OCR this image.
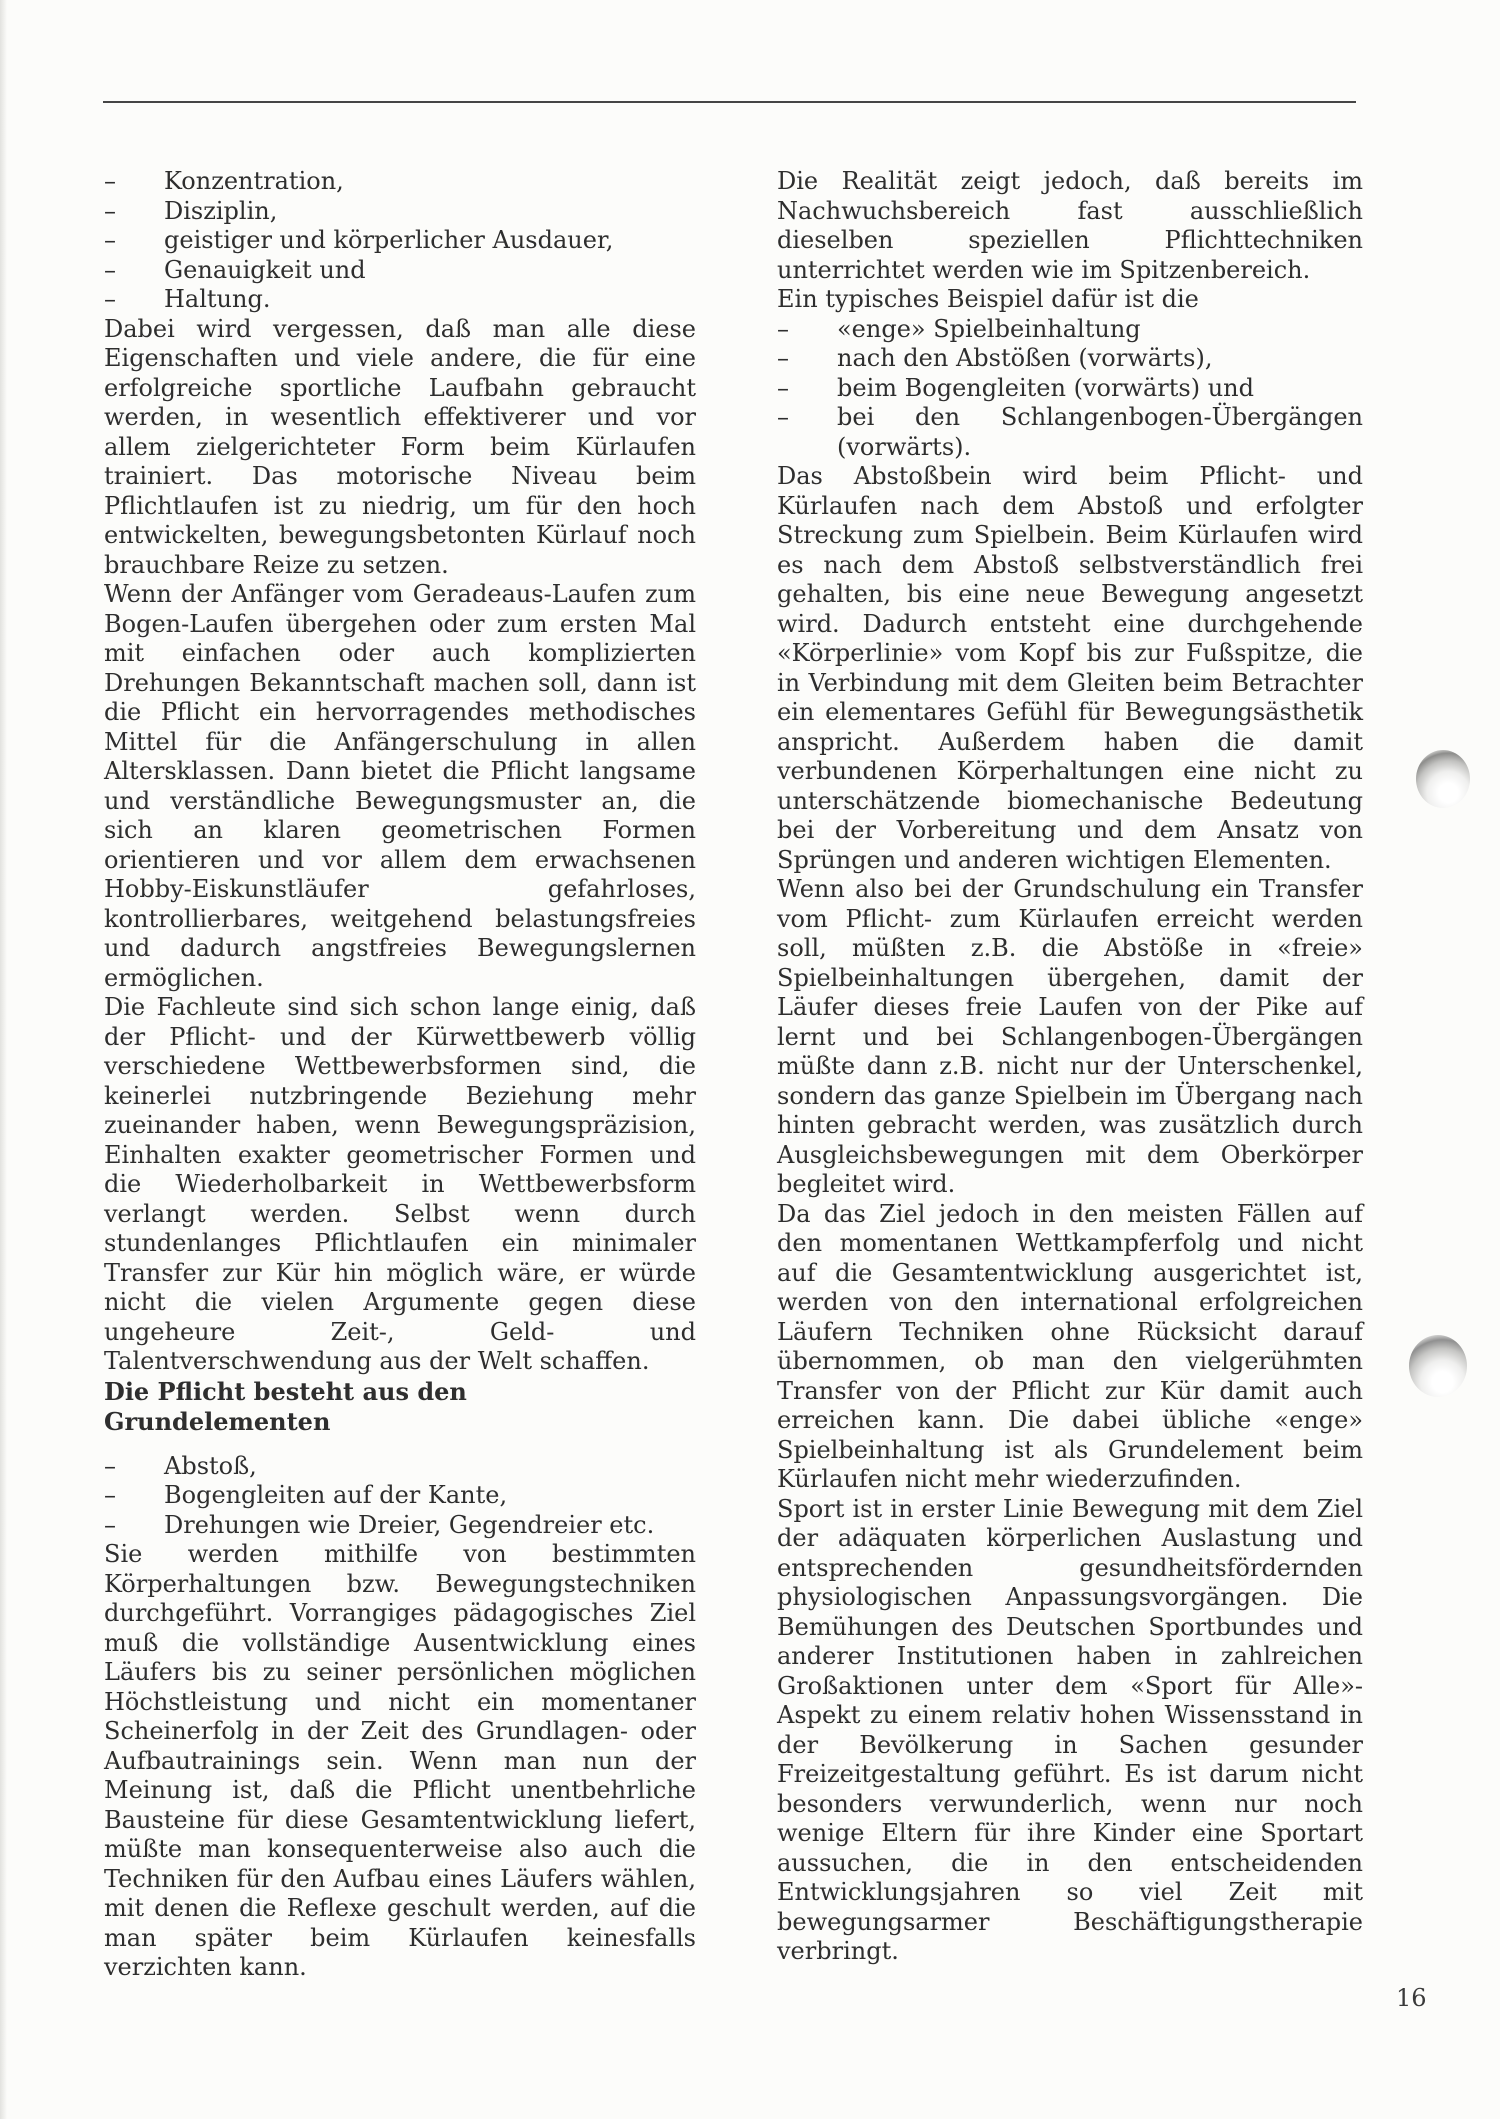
–	Konzentration,
–	Disziplin,
–	geistiger und körperlicher Ausdauer,
–	Genauigkeit und
–	Haltung.

Dabei wird vergessen, daß man alle diese Eigenschaften und viele andere, die für eine erfolgreiche sportliche Laufbahn gebraucht werden, in wesentlich effektiverer und vor allem zielgerichteter Form beim Kürlaufen trainiert. Das motorische Niveau beim Pflichtlaufen ist zu niedrig, um für den hoch entwickelten, bewegungsbetonten Kürlauf noch brauchbare Reize zu setzen.

Wenn der Anfänger vom Geradeaus-Laufen zum Bogen-Laufen übergehen oder zum ersten Mal mit einfachen oder auch komplizierten Drehungen Bekanntschaft machen soll, dann ist die Pflicht ein hervorragendes methodisches Mittel für die Anfängerschulung in allen Altersklassen. Dann bietet die Pflicht langsame und verständliche Bewegungsmuster an, die sich an klaren geometrischen Formen orientieren und vor allem dem erwachsenen Hobby-Eiskunstläufer gefahrloses, kontrollierbares, weitgehend belastungsfreies und dadurch angstfreies Bewegungslernen ermöglichen.

Die Fachleute sind sich schon lange einig, daß der Pflicht- und der Kürwettbewerb völlig verschiedene Wettbewerbsformen sind, die keinerlei nutzbringende Beziehung mehr zueinander haben, wenn Bewegungspräzision, Einhalten exakter geometrischer Formen und die Wiederholbarkeit in Wettbewerbsform verlangt werden. Selbst wenn durch stundenlanges Pflichtlaufen ein minimaler Transfer zur Kür hin möglich wäre, er würde nicht die vielen Argumente gegen diese ungeheure Zeit-, Geld- und Talentverschwendung aus der Welt schaffen.

Die Pflicht besteht aus den Grundelementen
–	Abstoß,
–	Bogengleiten auf der Kante,
–	Drehungen wie Dreier, Gegendreier etc.

Sie werden mithilfe von bestimmten Körperhaltungen bzw. Bewegungstechniken durchgeführt. Vorrangiges pädagogisches Ziel muß die vollständige Ausentwicklung eines Läufers bis zu seiner persönlichen möglichen Höchstleistung und nicht ein momentaner Scheinerfolg in der Zeit des Grundlagen- oder Aufbautrainings sein. Wenn man nun der Meinung ist, daß die Pflicht unentbehrliche Bausteine für diese Gesamtentwicklung liefert, müßte man konsequenterweise also auch die Techniken für den Aufbau eines Läufers wählen, mit denen die Reflexe geschult werden, auf die man später beim Kürlaufen keinesfalls verzichten kann.

Die Realität zeigt jedoch, daß bereits im Nachwuchsbereich fast ausschließlich dieselben speziellen Pflichttechniken unterrichtet werden wie im Spitzenbereich.

Ein typisches Beispiel dafür ist die

–	«enge» Spielbeinhaltung
–	nach den Abstößen (vorwärts),
–	beim Bogengleiten (vorwärts) und
–	bei den Schlangenbogen-Übergängen (vorwärts).

Das Abstoßbein wird beim Pflicht- und Kürlaufen nach dem Abstoß und erfolgter Streckung zum Spielbein. Beim Kürlaufen wird es nach dem Abstoß selbstverständlich frei gehalten, bis eine neue Bewegung angesetzt wird. Dadurch entsteht eine durchgehende «Körperlinie» vom Kopf bis zur Fußspitze, die in Verbindung mit dem Gleiten beim Betrachter ein elementares Gefühl für Bewegungsästhetik anspricht. Außerdem haben die damit verbundenen Körperhaltungen eine nicht zu unterschätzende biomechanische Bedeutung bei der Vorbereitung und dem Ansatz von Sprüngen und anderen wichtigen Elementen.

Wenn also bei der Grundschulung ein Transfer vom Pflicht- zum Kürlaufen erreicht werden soll, müßten z.B. die Abstöße in «freie» Spielbeinhaltungen übergehen, damit der Läufer dieses freie Laufen von der Pike auf lernt und bei Schlangenbogen-Übergängen müßte dann z.B. nicht nur der Unterschenkel, sondern das ganze Spielbein im Übergang nach hinten gebracht werden, was zusätzlich durch Ausgleichsbewegungen mit dem Oberkörper begleitet wird.

Da das Ziel jedoch in den meisten Fällen auf den momentanen Wettkampferfolg und nicht auf die Gesamtentwicklung ausgerichtet ist, werden von den international erfolgreichen Läufern Techniken ohne Rücksicht darauf übernommen, ob man den vielgerühmten Transfer von der Pflicht zur Kür damit auch erreichen kann. Die dabei übliche «enge» Spielbeinhaltung ist als Grundelement beim Kürlaufen nicht mehr wiederzufinden.

Sport ist in erster Linie Bewegung mit dem Ziel der adäquaten körperlichen Auslastung und entsprechenden gesundheitsfördernden physiologischen Anpassungsvorgängen. Die Bemühungen des Deutschen Sportbundes und anderer Institutionen haben in zahlreichen Großaktionen unter dem «Sport für Alle»-Aspekt zu einem relativ hohen Wissensstand in der Bevölkerung in Sachen gesunder Freizeitgestaltung geführt. Es ist darum nicht besonders verwunderlich, wenn nur noch wenige Eltern für ihre Kinder eine Sportart aussuchen, die in den entscheidenden Entwicklungsjahren so viel Zeit mit bewegungsarmer Beschäftigungstherapie verbringt.

16
